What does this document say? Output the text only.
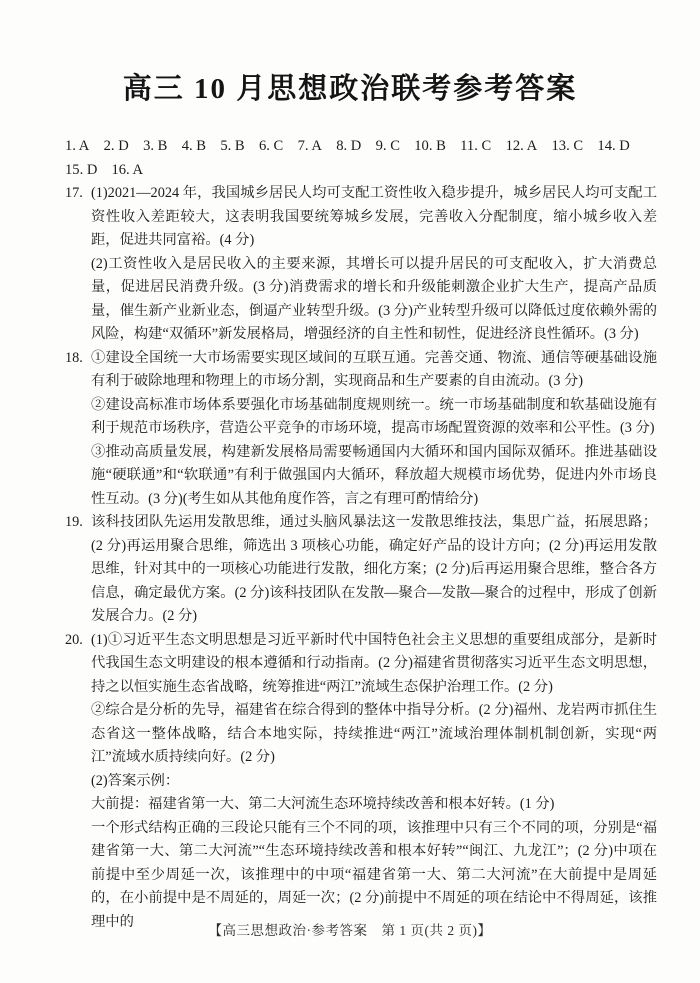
高三 10 月思想政治联考参考答案
1. A 2. D 3. B 4. B 5. B 6. C 7. A 8. D 9. C 10. B 11. C 12. A 13. C 14. D
15. D 16. A
17. (1)2021—2024 年，我国城乡居民人均可支配工资性收入稳步提升，城乡居民人均可支配工资性收入差距较大，这表明我国要统筹城乡发展，完善收入分配制度，缩小城乡收入差距，促进共同富裕。(4 分)

(2)工资性收入是居民收入的主要来源，其增长可以提升居民的可支配收入，扩大消费总量，促进居民消费升级。(3 分)消费需求的增长和升级能刺激企业扩大生产，提高产品质量，催生新产业新业态，倒逼产业转型升级。(3 分)产业转型升级可以降低过度依赖外需的风险，构建“双循环”新发展格局，增强经济的自主性和韧性，促进经济良性循环。(3 分)

18. ①建设全国统一大市场需要实现区域间的互联互通。完善交通、物流、通信等硬基础设施有利于破除地理和物理上的市场分割，实现商品和生产要素的自由流动。(3 分)

②建设高标准市场体系要强化市场基础制度规则统一。统一市场基础制度和软基础设施有利于规范市场秩序，营造公平竞争的市场环境，提高市场配置资源的效率和公平性。(3 分)

③推动高质量发展，构建新发展格局需要畅通国内大循环和国内国际双循环。推进基础设施“硬联通”和“软联通”有利于做强国内大循环，释放超大规模市场优势，促进内外市场良性互动。(3 分)(考生如从其他角度作答，言之有理可酌情给分)

19. 该科技团队先运用发散思维，通过头脑风暴法这一发散思维技法，集思广益，拓展思路；(2 分)再运用聚合思维，筛选出 3 项核心功能，确定好产品的设计方向；(2 分)再运用发散思维，针对其中的一项核心功能进行发散，细化方案；(2 分)后再运用聚合思维，整合各方信息，确定最优方案。(2 分)该科技团队在发散—聚合—发散—聚合的过程中，形成了创新发展合力。(2 分)

20. (1)①习近平生态文明思想是习近平新时代中国特色社会主义思想的重要组成部分，是新时代我国生态文明建设的根本遵循和行动指南。(2 分)福建省贯彻落实习近平生态文明思想，持之以恒实施生态省战略，统筹推进“两江”流域生态保护治理工作。(2 分)

②综合是分析的先导，福建省在综合得到的整体中指导分析。(2 分)福州、龙岩两市抓住生态省这一整体战略，结合本地实际，持续推进“两江”流域治理体制机制创新，实现“两江”流域水质持续向好。(2 分)

(2)答案示例：

大前提：福建省第一大、第二大河流生态环境持续改善和根本好转。(1 分)

一个形式结构正确的三段论只能有三个不同的项，该推理中只有三个不同的项，分别是“福建省第一大、第二大河流”“生态环境持续改善和根本好转”“闽江、九龙江”；(2 分)中项在前提中至少周延一次，该推理中的中项“福建省第一大、第二大河流”在大前提中是周延的，在小前提中是不周延的，周延一次；(2 分)前提中不周延的项在结论中不得周延，该推理中的

【高三思想政治·参考答案　第 1 页(共 2 页)】
